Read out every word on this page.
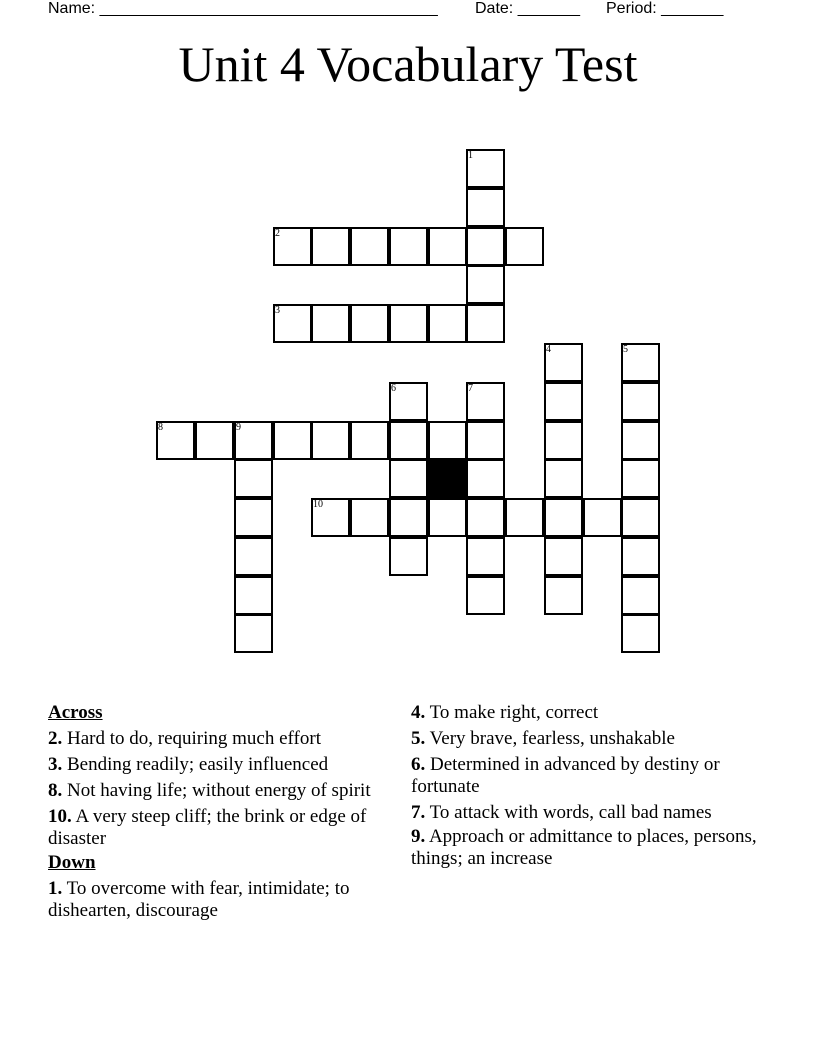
Name: ______________________________________ Date: _______ Period: _______
Unit 4 Vocabulary Test
1
2
3
4	5
6	7
8	9
10
Across
2. Hard to do, requiring much effort
3. Bending readily; easily influenced
8. Not having life; without energy of spirit
10. A very steep cliff; the brink or edge of disaster
Down
1. To overcome with fear, intimidate; to dishearten, discourage
4. To make right, correct
5. Very brave, fearless, unshakable
6. Determined in advanced by destiny or fortunate
7. To attack with words, call bad names
9. Approach or admittance to places, persons, things; an increase
